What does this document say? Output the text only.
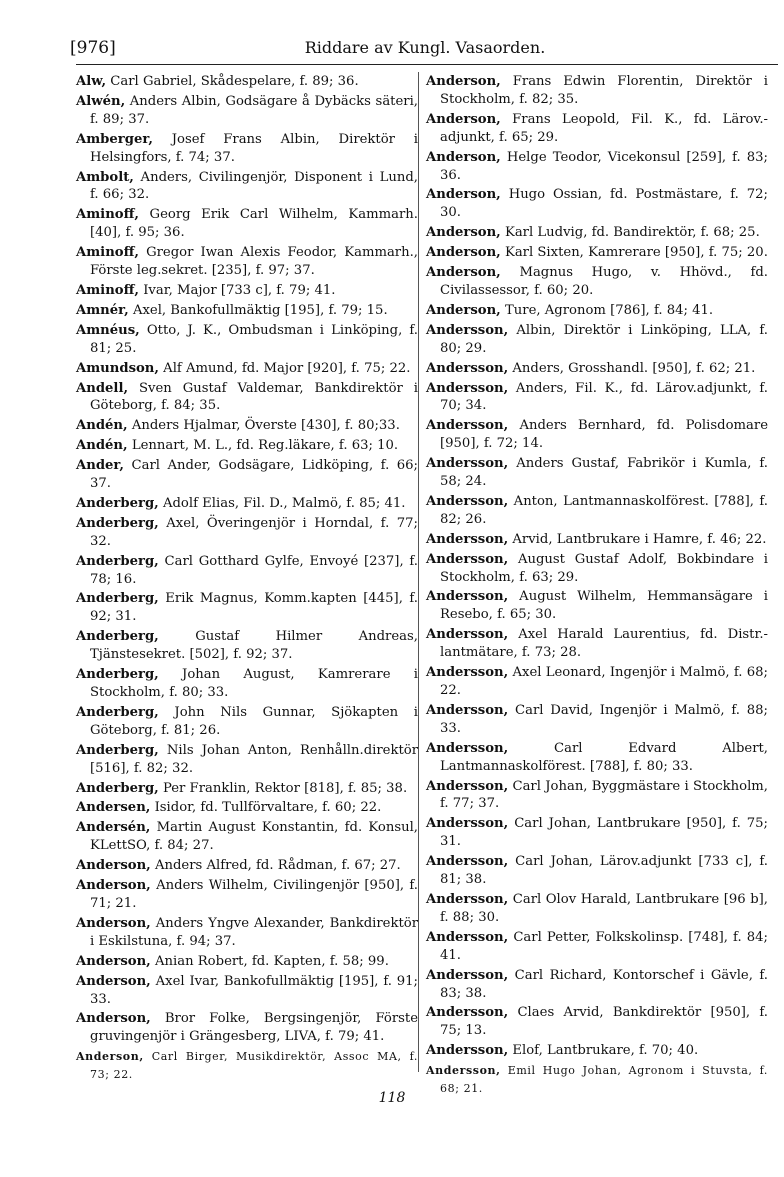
[976]	Riddare av Kungl. Vasaorden.

Alw, Carl Gabriel, Skådespelare, f. 89; 36.

Alwén, Anders Albin, Godsägare å Dybäcks säteri, f. 89; 37.

Amberger, Josef Frans Albin, Direktör i Helsingfors, f. 74; 37.

Ambolt, Anders, Civilingenjör, Disponent i Lund, f. 66; 32.

Aminoff, Georg Erik Carl Wilhelm, Kammarh. [40], f. 95; 36.

Aminoff, Gregor Iwan Alexis Feodor, Kammarh., Förste leg.sekret. [235], f. 97; 37.

Aminoff, Ivar, Major [733 c], f. 79; 41.

Amnér, Axel, Bankofullmäktig [195], f. 79; 15.

Amnéus, Otto, J. K., Ombudsman i Linköping, f. 81; 25.

Amundson, Alf Amund, fd. Major [920], f. 75; 22.

Andell, Sven Gustaf Valdemar, Bankdirektör i Göteborg, f. 84; 35.

Andén, Anders Hjalmar, Överste [430], f. 80;33.

Andén, Lennart, M. L., fd. Reg.läkare, f. 63; 10.

Ander, Carl Ander, Godsägare, Lidköping, f. 66; 37.

Anderberg, Adolf Elias, Fil. D., Malmö, f. 85; 41.

Anderberg, Axel, Överingenjör i Horndal, f. 77; 32.

Anderberg, Carl Gotthard Gylfe, Envoyé [237], f. 78; 16.

Anderberg, Erik Magnus, Komm.kapten [445], f. 92; 31.

Anderberg, Gustaf Hilmer Andreas, Tjänstesekret. [502], f. 92; 37.

Anderberg, Johan August, Kamrerare i Stockholm, f. 80; 33.

Anderberg, John Nils Gunnar, Sjökapten i Göteborg, f. 81; 26.

Anderberg, Nils Johan Anton, Renhålln.direktör [516], f. 82; 32.

Anderberg, Per Franklin, Rektor [818], f. 85; 38.

Andersen, Isidor, fd. Tullförvaltare, f. 60; 22.

Andersén, Martin August Konstantin, fd. Konsul, KLettSO, f. 84; 27.

Anderson, Anders Alfred, fd. Rådman, f. 67; 27.

Anderson, Anders Wilhelm, Civilingenjör [950], f. 71; 21.

Anderson, Anders Yngve Alexander, Bankdirektör i Eskilstuna, f. 94; 37.

Anderson, Anian Robert, fd. Kapten, f. 58; 99.

Anderson, Axel Ivar, Bankofullmäktig [195], f. 91; 33.

Anderson, Bror Folke, Bergsingenjör, Förste gruvingenjör i Grängesberg, LIVA, f. 79; 41.

Anderson, Carl Birger, Musikdirektör, Assoc MA, f. 73; 22.

Anderson, Frans Edwin Florentin, Direktör i Stockholm, f. 82; 35.

Anderson, Frans Leopold, Fil. K., fd. Lärov.-adjunkt, f. 65; 29.

Anderson, Helge Teodor, Vicekonsul [259], f. 83; 36.

Anderson, Hugo Ossian, fd. Postmästare, f. 72; 30.

Anderson, Karl Ludvig, fd. Bandirektör, f. 68; 25.

Anderson, Karl Sixten, Kamrerare [950], f. 75; 20.

Anderson, Magnus Hugo, v. Hhövd., fd. Civilassessor, f. 60; 20.

Anderson, Ture, Agronom [786], f. 84; 41.

Andersson, Albin, Direktör i Linköping, LLA, f. 80; 29.

Andersson, Anders, Grosshandl. [950], f. 62; 21.

Andersson, Anders, Fil. K., fd. Lärov.adjunkt, f. 70; 34.

Andersson, Anders Bernhard, fd. Polisdomare [950], f. 72; 14.

Andersson, Anders Gustaf, Fabrikör i Kumla, f. 58; 24.

Andersson, Anton, Lantmannaskolförest. [788], f. 82; 26.

Andersson, Arvid, Lantbrukare i Hamre, f. 46; 22.

Andersson, August Gustaf Adolf, Bokbindare i Stockholm, f. 63; 29.

Andersson, August Wilhelm, Hemmansägare i Resebo, f. 65; 30.

Andersson, Axel Harald Laurentius, fd. Distr.-lantmätare, f. 73; 28.

Andersson, Axel Leonard, Ingenjör i Malmö, f. 68; 22.

Andersson, Carl David, Ingenjör i Malmö, f. 88; 33.

Andersson, Carl Edvard Albert, Lantmannaskolförest. [788], f. 80; 33.

Andersson, Carl Johan, Byggmästare i Stockholm, f. 77; 37.

Andersson, Carl Johan, Lantbrukare [950], f. 75; 31.

Andersson, Carl Johan, Lärov.adjunkt [733 c], f. 81; 38.

Andersson, Carl Olov Harald, Lantbrukare [96 b], f. 88; 30.

Andersson, Carl Petter, Folkskolinsp. [748], f. 84; 41.

Andersson, Carl Richard, Kontorschef i Gävle, f. 83; 38.

Andersson, Claes Arvid, Bankdirektör [950], f. 75; 13.

Andersson, Elof, Lantbrukare, f. 70; 40.

Andersson, Emil Hugo Johan, Agronom i Stuvsta, f. 68; 21.

118
